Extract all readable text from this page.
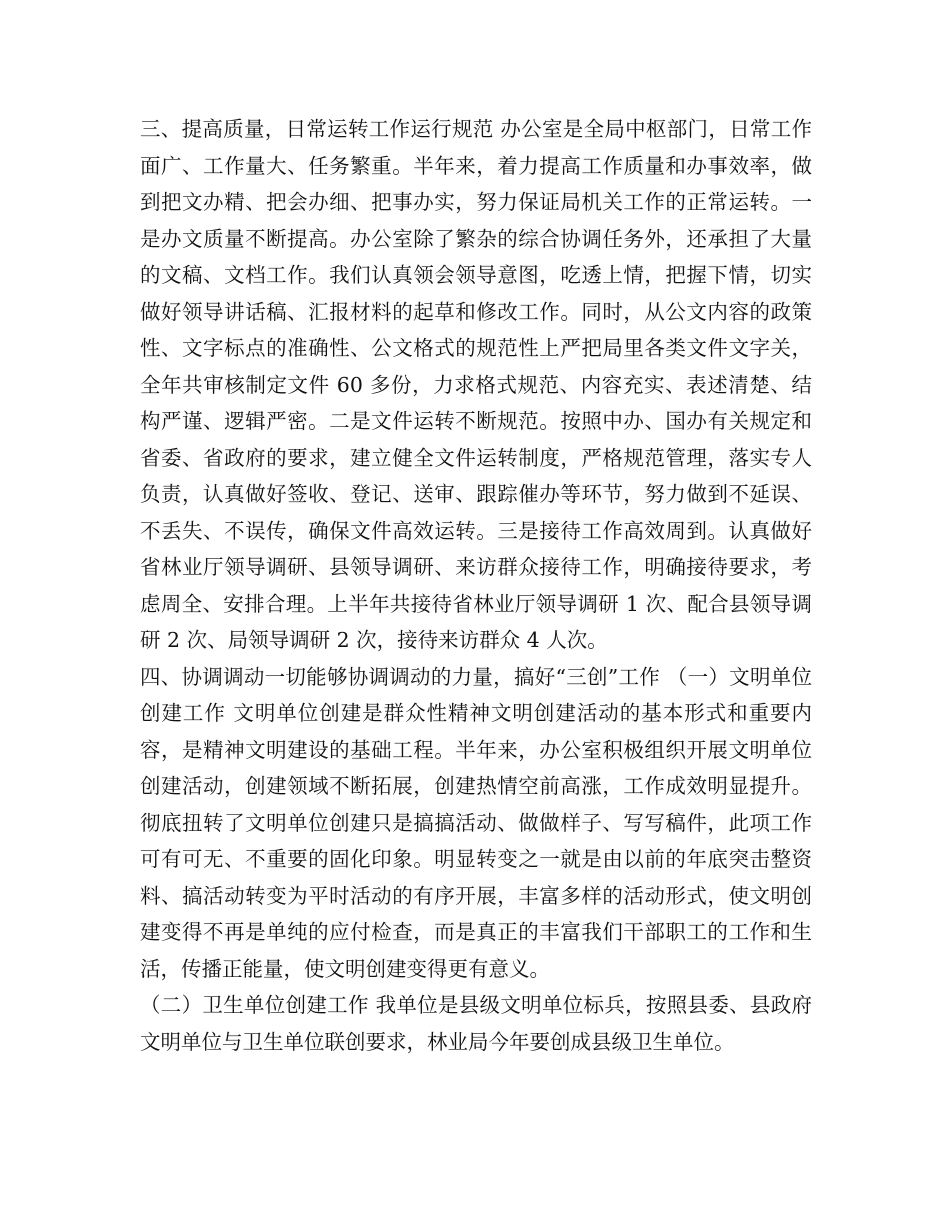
三、提高质量，日常运转工作运行规范 办公室是全局中枢部门，日常工作面广、工作量大、任务繁重。半年来，着力提高工作质量和办事效率，做到把文办精、把会办细、把事办实，努力保证局机关工作的正常运转。一是办文质量不断提高。办公室除了繁杂的综合协调任务外，还承担了大量的文稿、文档工作。我们认真领会领导意图，吃透上情，把握下情，切实做好领导讲话稿、汇报材料的起草和修改工作。同时，从公文内容的政策性、文字标点的准确性、公文格式的规范性上严把局里各类文件文字关，全年共审核制定文件 60 多份，力求格式规范、内容充实、表述清楚、结构严谨、逻辑严密。二是文件运转不断规范。按照中办、国办有关规定和省委、省政府的要求，建立健全文件运转制度，严格规范管理，落实专人负责，认真做好签收、登记、送审、跟踪催办等环节，努力做到不延误、不丢失、不误传，确保文件高效运转。三是接待工作高效周到。认真做好省林业厅领导调研、县领导调研、来访群众接待工作，明确接待要求，考虑周全、安排合理。上半年共接待省林业厅领导调研 1 次、配合县领导调研 2 次、局领导调研 2 次，接待来访群众 4 人次。

四、协调调动一切能够协调调动的力量，搞好“三创”工作 （一）文明单位创建工作 文明单位创建是群众性精神文明创建活动的基本形式和重要内容，是精神文明建设的基础工程。半年来，办公室积极组织开展文明单位创建活动，创建领域不断拓展，创建热情空前高涨，工作成效明显提升。彻底扭转了文明单位创建只是搞搞活动、做做样子、写写稿件，此项工作可有可无、不重要的固化印象。明显转变之一就是由以前的年底突击整资料、搞活动转变为平时活动的有序开展，丰富多样的活动形式，使文明创建变得不再是单纯的应付检查，而是真正的丰富我们干部职工的工作和生活，传播正能量，使文明创建变得更有意义。

（二）卫生单位创建工作 我单位是县级文明单位标兵，按照县委、县政府文明单位与卫生单位联创要求，林业局今年要创成县级卫生单位。
